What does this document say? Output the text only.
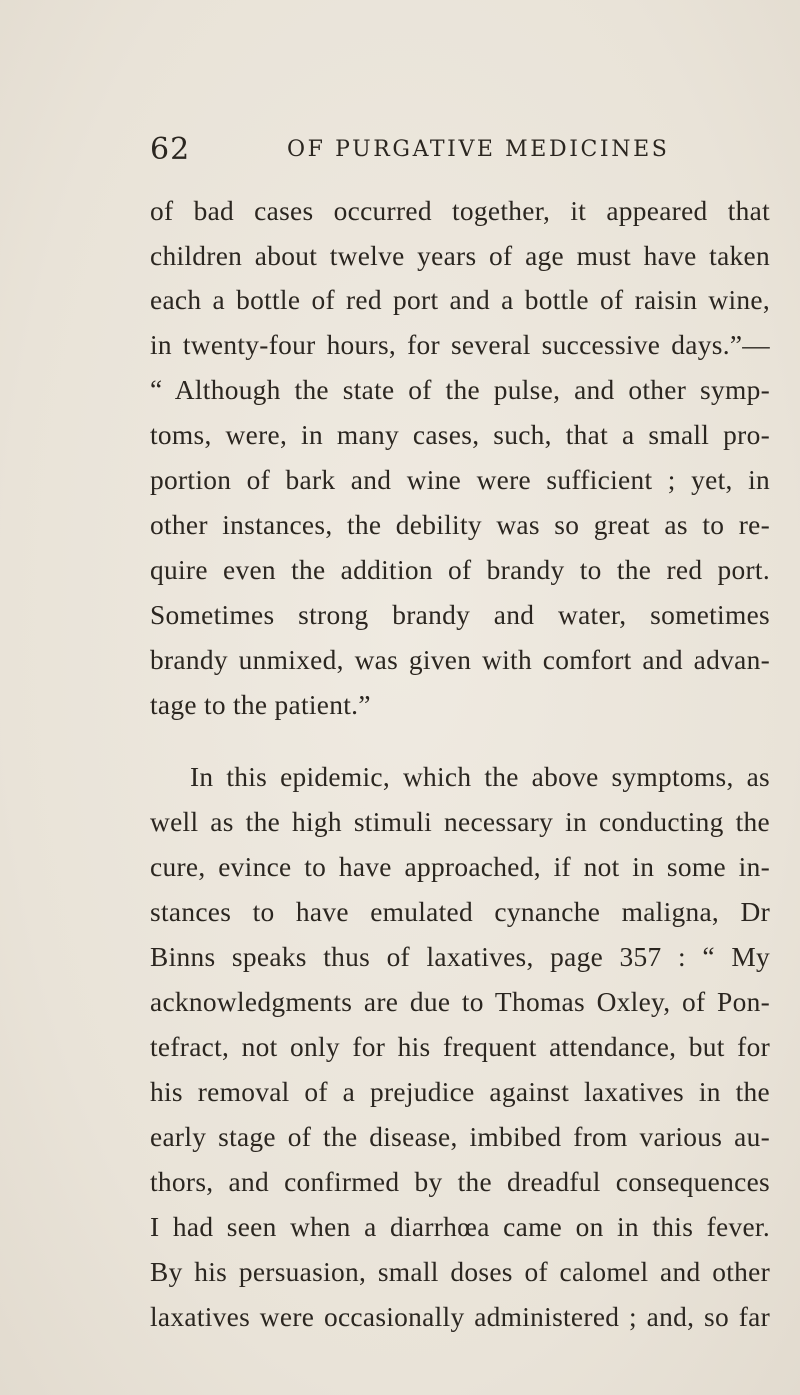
62	OF PURGATIVE MEDICINES
of bad cases occurred together, it appeared that
children about twelve years of age must have taken
each a bottle of red port and a bottle of raisin wine,
in twenty-four hours, for several successive days.”—
“ Although the state of the pulse, and other symp-
toms, were, in many cases, such, that a small pro-
portion of bark and wine were sufficient ; yet, in
other instances, the debility was so great as to re-
quire even the addition of brandy to the red port.
Sometimes strong brandy and water, sometimes
brandy unmixed, was given with comfort and advan-
tage to the patient.”
In this epidemic, which the above symptoms, as
well as the high stimuli necessary in conducting the
cure, evince to have approached, if not in some in-
stances to have emulated cynanche maligna, Dr
Binns speaks thus of laxatives, page 357 : “ My
acknowledgments are due to Thomas Oxley, of Pon-
tefract, not only for his frequent attendance, but for
his removal of a prejudice against laxatives in the
early stage of the disease, imbibed from various au-
thors, and confirmed by the dreadful consequences
I had seen when a diarrhœa came on in this fever.
By his persuasion, small doses of calomel and other
laxatives were occasionally administered ; and, so far
